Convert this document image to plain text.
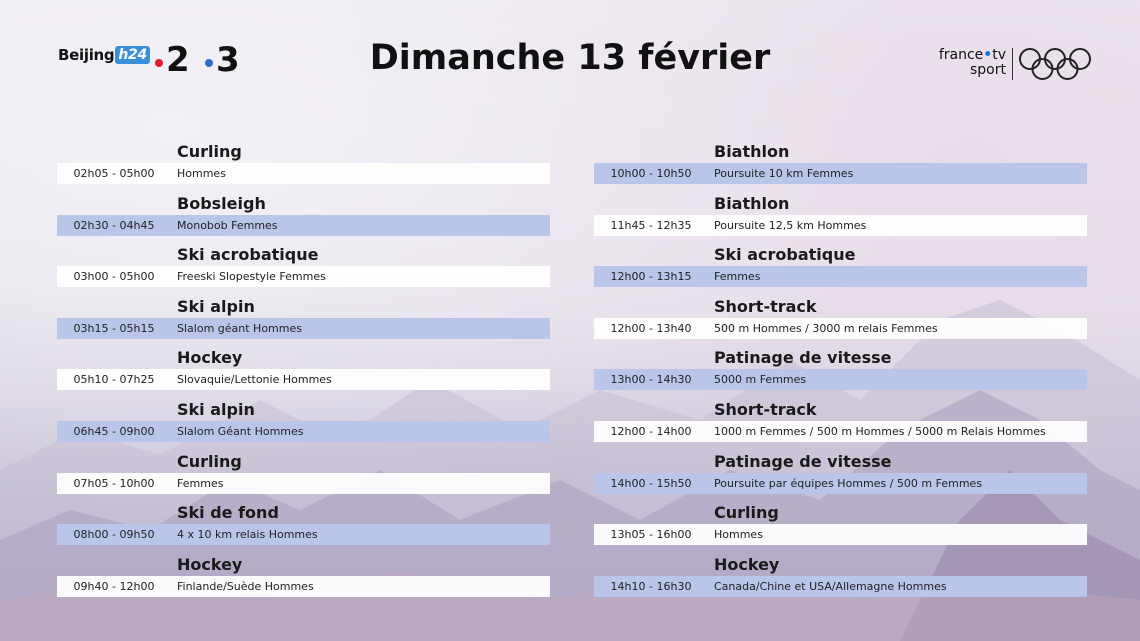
Beijing h24 2 3	Dimanche 13 février	france•tv
sport
Curling
02h05 - 05h00	Hommes
Bobsleigh
02h30 - 04h45	Monobob Femmes
Ski acrobatique
03h00 - 05h00	Freeski Slopestyle Femmes
Ski alpin
03h15 - 05h15	Slalom géant Hommes
Hockey
05h10 - 07h25	Slovaquie/Lettonie Hommes
Ski alpin
06h45 - 09h00	Slalom Géant Hommes
Curling
07h05 - 10h00	Femmes
Ski de fond
08h00 - 09h50	4 x 10 km relais Hommes
Hockey
09h40 - 12h00	Finlande/Suède Hommes
Biathlon
10h00 - 10h50	Poursuite 10 km Femmes
Biathlon
11h45 - 12h35	Poursuite 12,5 km Hommes
Ski acrobatique
12h00 - 13h15	Femmes
Short-track
12h00 - 13h40	500 m Hommes / 3000 m relais Femmes
Patinage de vitesse
13h00 - 14h30	5000 m Femmes
Short-track
12h00 - 14h00	1000 m Femmes / 500 m Hommes / 5000 m Relais Hommes
Patinage de vitesse
14h00 - 15h50	Poursuite par équipes Hommes / 500 m Femmes
Curling
13h05 - 16h00	Hommes
Hockey
14h10 - 16h30	Canada/Chine et USA/Allemagne Hommes
